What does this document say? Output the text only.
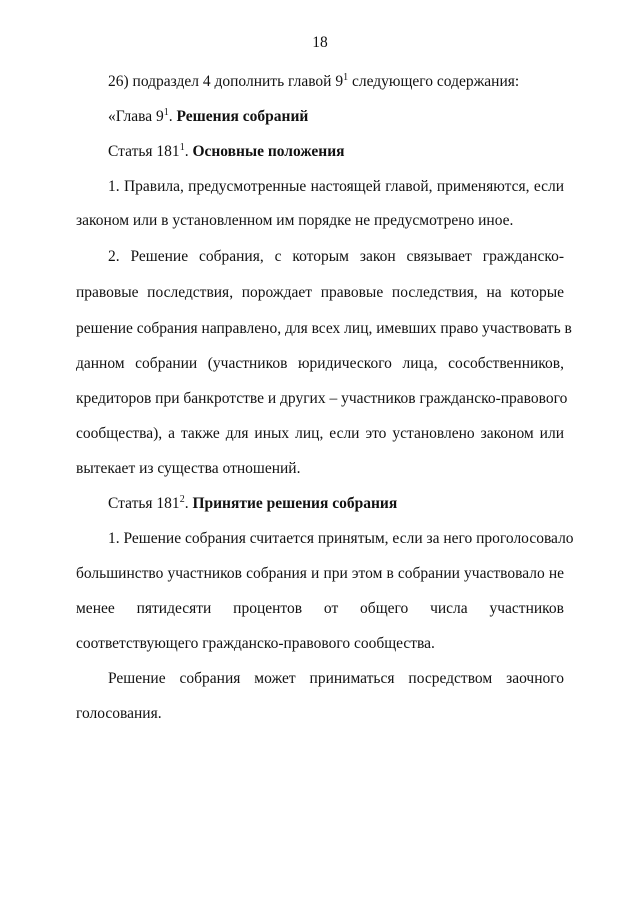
18
26) подраздел 4 дополнить главой $9^1$ следующего содержания:
«Глава $9^1$. Решения собраний
Статья $181^1$. Основные положения
1. Правила, предусмотренные настоящей главой, применяются, если
законом или в установленном им порядке не предусмотрено иное.
2. Решение собрания, с которым закон связывает гражданско-
правовые последствия, порождает правовые последствия, на которые
решение собрания направлено, для всех лиц, имевших право участвовать в
данном собрании (участников юридического лица, сособственников,
кредиторов при банкротстве и других – участников гражданско-правового
сообщества), а также для иных лиц, если это установлено законом или
вытекает из существа отношений.
Статья $181^2$. Принятие решения собрания
1. Решение собрания считается принятым, если за него проголосовало
большинство участников собрания и при этом в собрании участвовало не
менее пятидесяти процентов от общего числа участников
соответствующего гражданско-правового сообщества.
Решение собрания может приниматься посредством заочного
голосования.
